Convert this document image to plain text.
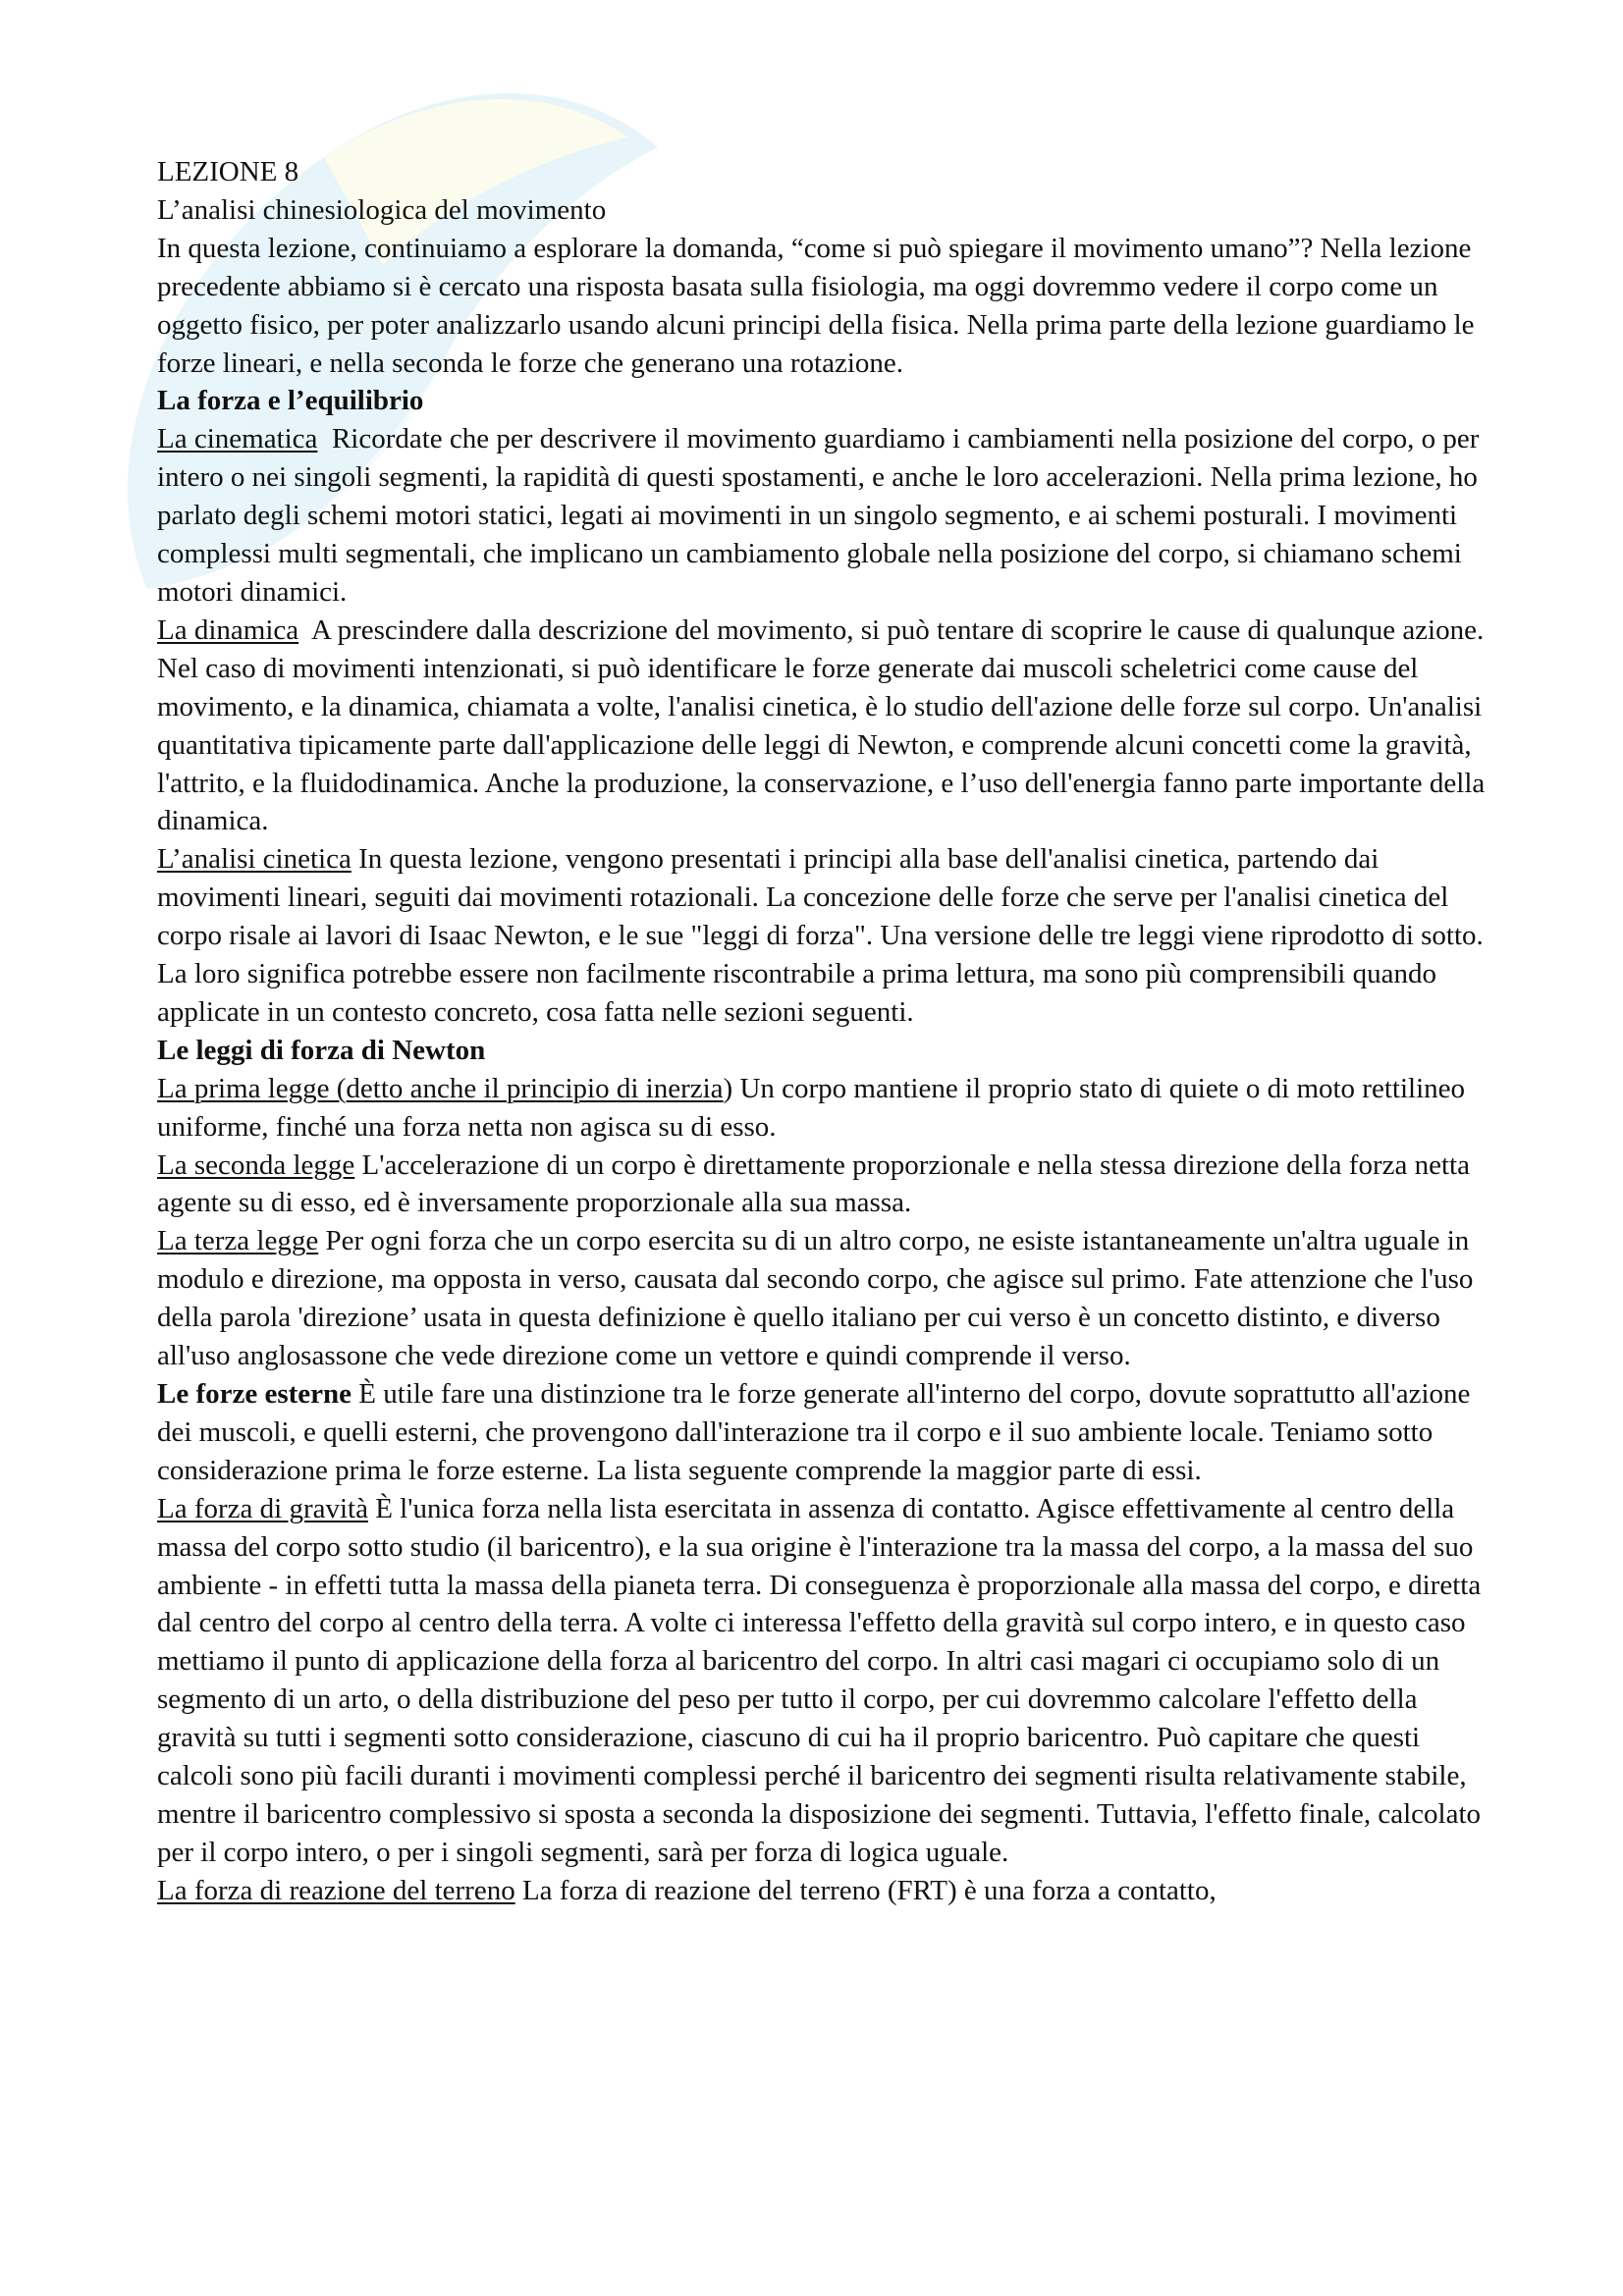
LEZIONE 8

L’analisi chinesiologica del movimento

In questa lezione, continuiamo a esplorare la domanda, “come si può spiegare il movimento umano”? Nella lezione precedente abbiamo si è cercato una risposta basata sulla fisiologia, ma oggi dovremmo vedere il corpo come un oggetto fisico, per poter analizzarlo usando alcuni principi della fisica. Nella prima parte della lezione guardiamo le forze lineari, e nella seconda le forze che generano una rotazione.

La forza e l’equilibrio

La cinematica  Ricordate che per descrivere il movimento guardiamo i cambiamenti nella posizione del corpo, o per intero o nei singoli segmenti, la rapidità di questi spostamenti, e anche le loro accelerazioni. Nella prima lezione, ho parlato degli schemi motori statici, legati ai movimenti in un singolo segmento, e ai schemi posturali. I movimenti complessi multi segmentali, che implicano un cambiamento globale nella posizione del corpo, si chiamano schemi motori dinamici.

La dinamica  A prescindere dalla descrizione del movimento, si può tentare di scoprire le cause di qualunque azione. Nel caso di movimenti intenzionati, si può identificare le forze generate dai muscoli scheletrici come cause del movimento, e la dinamica, chiamata a volte, l'analisi cinetica, è lo studio dell'azione delle forze sul corpo. Un'analisi quantitativa tipicamente parte dall'applicazione delle leggi di Newton, e comprende alcuni concetti come la gravità, l'attrito, e la fluidodinamica. Anche la produzione, la conservazione, e l’uso dell'energia fanno parte importante della dinamica.

L’analisi cinetica In questa lezione, vengono presentati i principi alla base dell'analisi cinetica, partendo dai movimenti lineari, seguiti dai movimenti rotazionali. La concezione delle forze che serve per l'analisi cinetica del corpo risale ai lavori di Isaac Newton, e le sue "leggi di forza". Una versione delle tre leggi viene riprodotto di sotto. La loro significa potrebbe essere non facilmente riscontrabile a prima lettura, ma sono più comprensibili quando applicate in un contesto concreto, cosa fatta nelle sezioni seguenti.

Le leggi di forza di Newton

La prima legge (detto anche il principio di inerzia) Un corpo mantiene il proprio stato di quiete o di moto rettilineo uniforme, finché una forza netta non agisca su di esso.

La seconda legge L'accelerazione di un corpo è direttamente proporzionale e nella stessa direzione della forza netta agente su di esso, ed è inversamente proporzionale alla sua massa.

La terza legge Per ogni forza che un corpo esercita su di un altro corpo, ne esiste istantaneamente un'altra uguale in modulo e direzione, ma opposta in verso, causata dal secondo corpo, che agisce sul primo. Fate attenzione che l'uso della parola 'direzione’ usata in questa definizione è quello italiano per cui verso è un concetto distinto, e diverso all'uso anglosassone che vede direzione come un vettore e quindi comprende il verso.

Le forze esterne È utile fare una distinzione tra le forze generate all'interno del corpo, dovute soprattutto all'azione dei muscoli, e quelli esterni, che provengono dall'interazione tra il corpo e il suo ambiente locale. Teniamo sotto considerazione prima le forze esterne. La lista seguente comprende la maggior parte di essi.

La forza di gravità È l'unica forza nella lista esercitata in assenza di contatto. Agisce effettivamente al centro della massa del corpo sotto studio (il baricentro), e la sua origine è l'interazione tra la massa del corpo, a la massa del suo ambiente - in effetti tutta la massa della pianeta terra. Di conseguenza è proporzionale alla massa del corpo, e diretta dal centro del corpo al centro della terra. A volte ci interessa l'effetto della gravità sul corpo intero, e in questo caso mettiamo il punto di applicazione della forza al baricentro del corpo. In altri casi magari ci occupiamo solo di un segmento di un arto, o della distribuzione del peso per tutto il corpo, per cui dovremmo calcolare l'effetto della gravità su tutti i segmenti sotto considerazione, ciascuno di cui ha il proprio baricentro. Può capitare che questi calcoli sono più facili duranti i movimenti complessi perché il baricentro dei segmenti risulta relativamente stabile, mentre il baricentro complessivo si sposta a seconda la disposizione dei segmenti. Tuttavia, l'effetto finale, calcolato per il corpo intero, o per i singoli segmenti, sarà per forza di logica uguale.

La forza di reazione del terreno La forza di reazione del terreno (FRT) è una forza a contatto,
